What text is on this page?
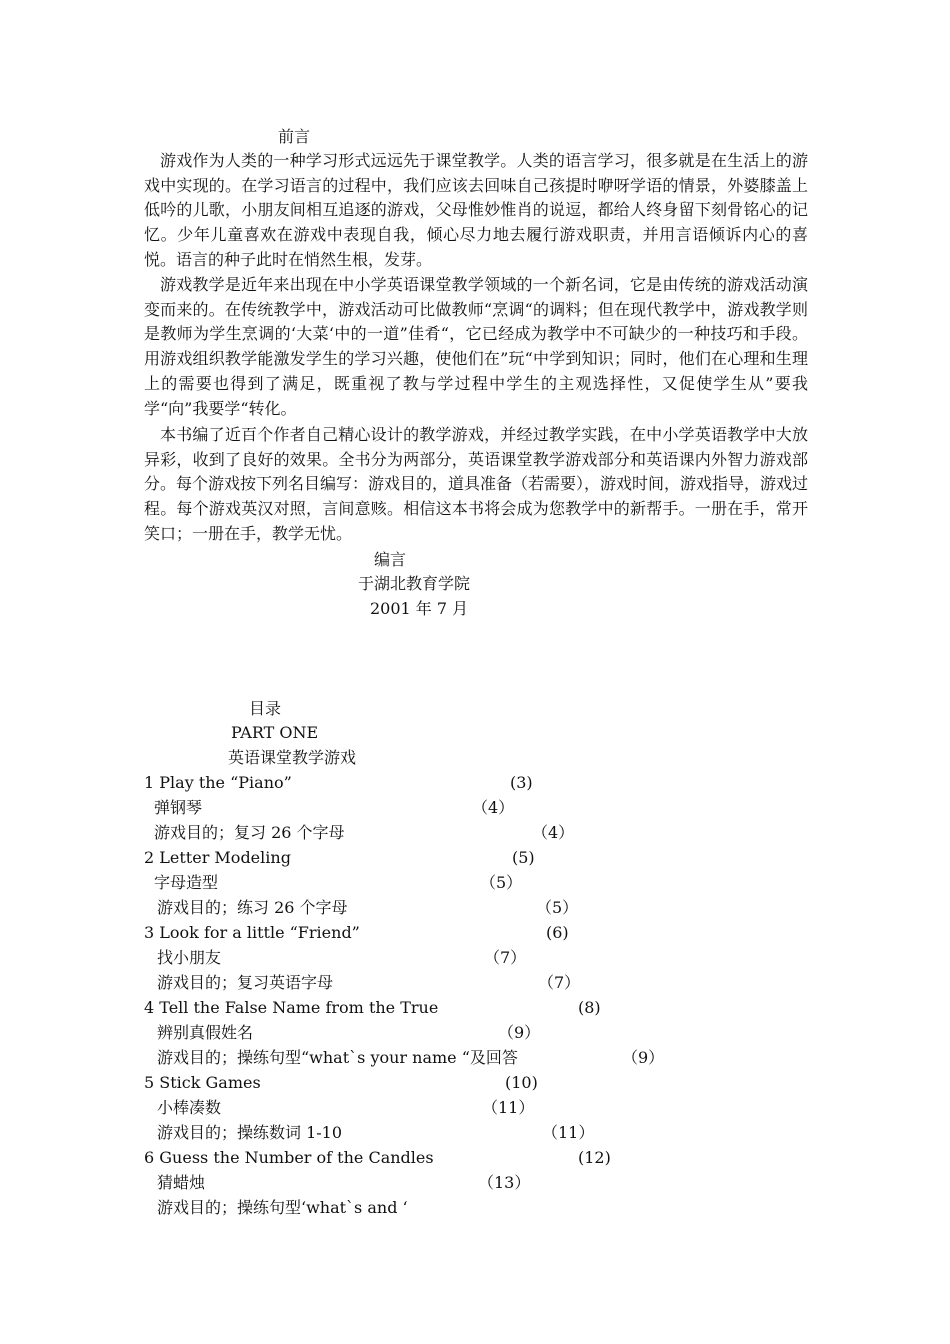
前言
游戏作为人类的一种学习形式远远先于课堂教学。人类的语言学习，很多就是在生活上的游戏中实现的。在学习语言的过程中，我们应该去回味自己孩提时咿呀学语的情景，外婆膝盖上低吟的儿歌，小朋友间相互追逐的游戏，父母惟妙惟肖的说逗，都给人终身留下刻骨铭心的记忆。少年儿童喜欢在游戏中表现自我，倾心尽力地去履行游戏职责，并用言语倾诉内心的喜悦。语言的种子此时在悄然生根，发芽。
游戏教学是近年来出现在中小学英语课堂教学领域的一个新名词，它是由传统的游戏活动演变而来的。在传统教学中，游戏活动可比做教师“烹调“的调料；但在现代教学中，游戏教学则是教师为学生烹调的‘大菜‘中的一道”佳肴“，它已经成为教学中不可缺少的一种技巧和手段。用游戏组织教学能激发学生的学习兴趣，使他们在”玩“中学到知识；同时，他们在心理和生理上的需要也得到了满足，既重视了教与学过程中学生的主观选择性，又促使学生从”要我学“向”我要学“转化。
本书编了近百个作者自己精心设计的教学游戏，并经过教学实践，在中小学英语教学中大放异彩，收到了良好的效果。全书分为两部分，英语课堂教学游戏部分和英语课内外智力游戏部分。每个游戏按下列名目编写：游戏目的，道具准备（若需要），游戏时间，游戏指导，游戏过程。每个游戏英汉对照，言间意赅。相信这本书将会成为您教学中的新帮手。一册在手，常开笑口；一册在手，教学无忧。
编言
于湖北教育学院
2001 年 7 月
目录
PART ONE
英语课堂教学游戏
1 Play the “Piano”	(3)
弹钢琴	（4）
游戏目的；复习 26 个字母	（4）
2 Letter Modeling	(5)
字母造型	（5）
游戏目的；练习 26 个字母	（5）
3 Look for a little “Friend”	(6)
找小朋友	（7）
游戏目的；复习英语字母	（7）
4 Tell the False Name from the True	(8)
辨别真假姓名	（9）
游戏目的；操练句型“what`s your name “及回答	（9）
5 Stick Games	(10)
小棒凑数	（11）
游戏目的；操练数词 1-10	（11）
6 Guess the Number of the Candles	(12)
猜蜡烛	（13）
游戏目的；操练句型‘what`s and ‘
